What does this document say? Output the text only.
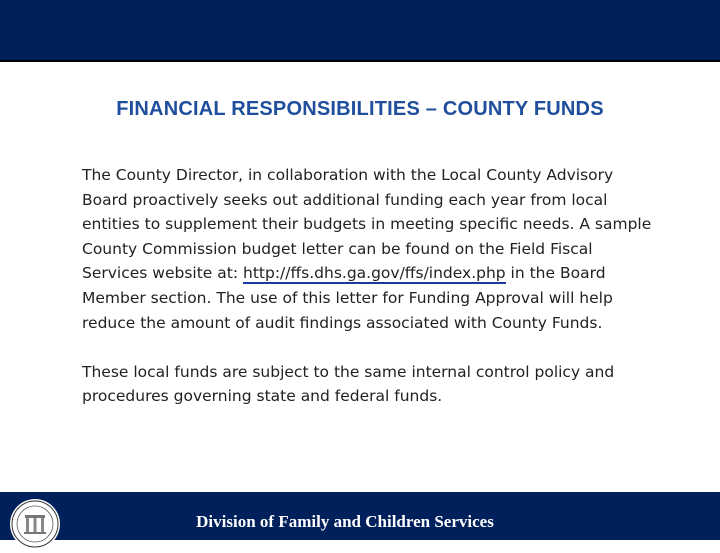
FINANCIAL RESPONSIBILITIES – COUNTY FUNDS

The County Director, in collaboration with the Local County Advisory Board proactively seeks out additional funding each year from local entities to supplement their budgets in meeting specific needs. A sample County Commission budget letter can be found on the Field Fiscal Services website at: http://ffs.dhs.ga.gov/ffs/index.php in the Board Member section. The use of this letter for Funding Approval will help reduce the amount of audit findings associated with County Funds.

These local funds are subject to the same internal control policy and procedures governing state and federal funds.

Division of Family and Children Services
